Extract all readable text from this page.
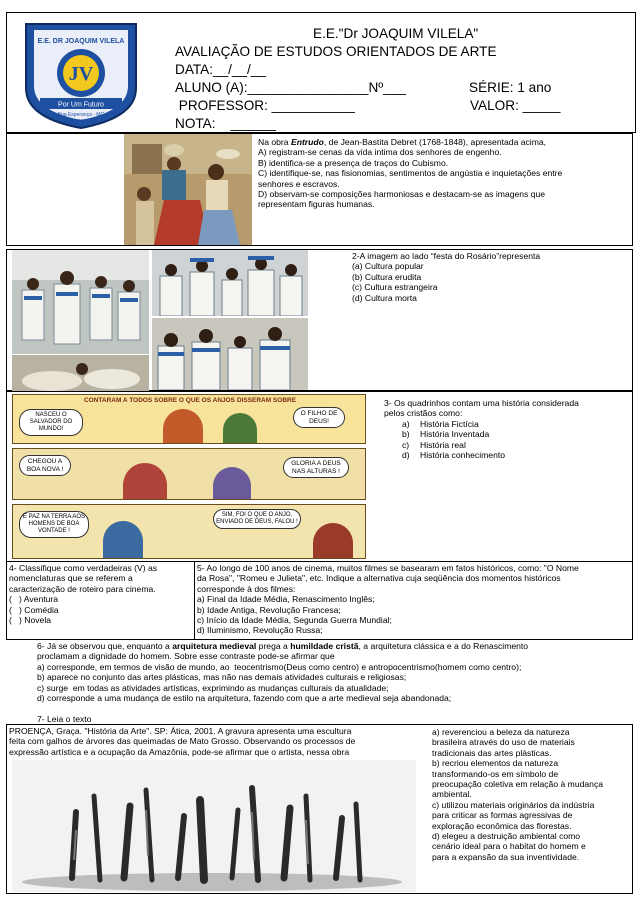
E.E. DR JOAQUIM VILELA
JV
Por Um Futuro
Boa Esperança - MG
1968
E.E."Dr JOAQUIM VILELA"
AVALIAÇÃO DE ESTUDOS ORIENTADOS DE ARTE
DATA:__/__/__
ALUNO (A):________________Nº___	SÉRIE: 1 ano
PROFESSOR: ___________	VALOR: _____
NOTA:    ______
Na obra Entrudo, de Jean-Bastita Debret (1768-1848), apresentada acima,
A) registram-se cenas da vida intima dos senhores de engenho.
B) identifica-se a presença de traços do Cubismo.
C) identifique-se, nas fisionomias, sentimentos de angústia e inquietações entre
senhores e escravos.
D) observam-se composições harmoniosas e destacam-se as imagens que
representam figuras humanas.
2-A imagem ao lado “festa do Rosário”representa
(a) Cultura popular
(b) Cultura erudita
(c) Cultura estrangeira
(d) Cultura morta
CONTARAM A TODOS SOBRE O QUE OS ANJOS DISSERAM SOBRE
NASCEU O SALVADOR DO MUNDO!
O FILHO DE DEUS!
CHEGOU A BOA NOVA !
GLORIA A DEUS NAS ALTURAS !
E PAZ NA TERRA AOS HOMENS DE BOA VONTADE !
SIM, FOI O QUE O ANJO, ENVIADO DE DEUS, FALOU !
3- Os quadrinhos contam uma história considerada
pelos cristãos como:
a) História Fictícia
b) História Inventada
c) História real
d) História conhecimento
4- Classifique como verdadeiras (V) as
nomenclaturas que se referem a
caracterização de roteiro para cinema.
(   ) Aventura
(   ) Comédia
(   ) Novela
5- Ao longo de 100 anos de cinema, muitos filmes se basearam em fatos históricos, como: "O Nome
da Rosa", "Romeu e Julieta", etc. Indique a alternativa cuja seqüência dos momentos históricos
corresponde à dos filmes:
a) Final da Idade Média, Renascimento Inglês;
b) Idade Antiga, Revolução Francesa;
c) Início da Idade Média, Segunda Guerra Mundial;
d) Iluminismo, Revolução Russa;
6- Já se observou que, enquanto a arquitetura medieval prega a humildade cristã, a arquitetura clássica e a do Renascimento
proclamam a dignidade do homem. Sobre esse contraste pode-se afirmar que
a) corresponde, em termos de visão de mundo, ao  teocentrismo(Deus como centro) e antropocentrismo(homem como centro);
b) aparece no conjunto das artes plásticas, mas não nas demais atividades culturais e religiosas;
c) surge  em todas as atividades artísticas, exprimindo as mudanças culturais da atualidade;
d) corresponde a uma mudança de estilo na arquitetura, fazendo com que a arte medieval seja abandonada;
7- Leia o texto
PROENÇA, Graça. "História da Arte". SP: Ática, 2001. A gravura apresenta uma escultura
feita com galhos de árvores das queimadas de Mato Grosso. Observando os processos de
expressão artística e a ocupação da Amazônia, pode-se afirmar que o artista, nessa obra
a) reverenciou a beleza da natureza
brasileira através do uso de materiais
tradicionais das artes plásticas.
b) recriou elementos da natureza
transformando-os em símbolo de
preocupação coletiva em relação à mudança
ambiental.
c) utilizou materiais originários da indústria
para criticar as formas agressivas de
exploração econômica das florestas.
d) elegeu a destruição ambiental como
cenário ideal para o habitat do homem e
para a expansão da sua inventividade.
